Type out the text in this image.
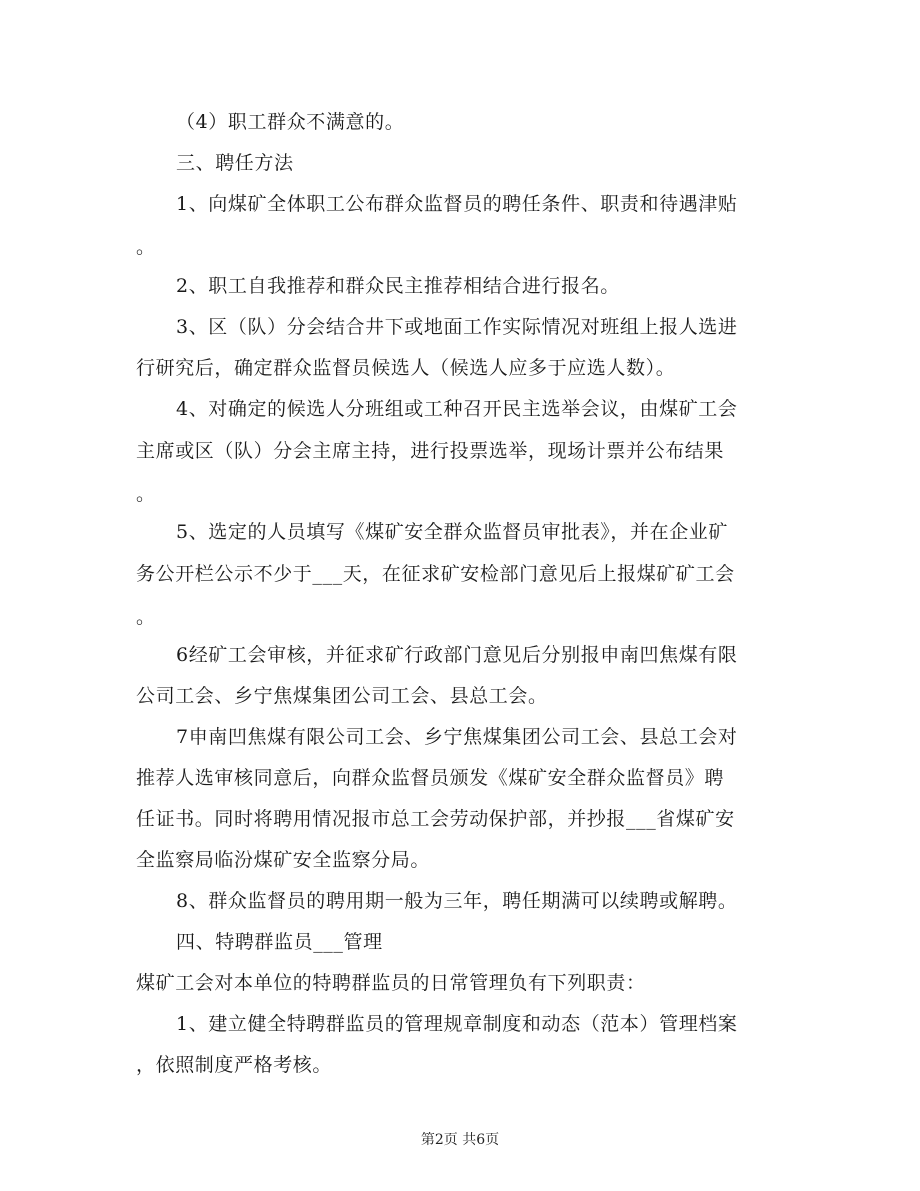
（4）职工群众不满意的。
三、聘任方法
1、向煤矿全体职工公布群众监督员的聘任条件、职责和待遇津贴
。
2、职工自我推荐和群众民主推荐相结合进行报名。
3、区（队）分会结合井下或地面工作实际情况对班组上报人选进
行研究后，确定群众监督员候选人（候选人应多于应选人数）。
4、对确定的候选人分班组或工种召开民主选举会议，由煤矿工会
主席或区（队）分会主席主持，进行投票选举，现场计票并公布结果
。
5、选定的人员填写《煤矿安全群众监督员审批表》，并在企业矿
务公开栏公示不少于___天，在征求矿安检部门意见后上报煤矿矿工会
。
6经矿工会审核，并征求矿行政部门意见后分别报申南凹焦煤有限
公司工会、乡宁焦煤集团公司工会、县总工会。
7申南凹焦煤有限公司工会、乡宁焦煤集团公司工会、县总工会对
推荐人选审核同意后，向群众监督员颁发《煤矿安全群众监督员》聘
任证书。同时将聘用情况报市总工会劳动保护部，并抄报___省煤矿安
全监察局临汾煤矿安全监察分局。
8、群众监督员的聘用期一般为三年，聘任期满可以续聘或解聘。
四、特聘群监员___管理
煤矿工会对本单位的特聘群监员的日常管理负有下列职责：
1、建立健全特聘群监员的管理规章制度和动态（范本）管理档案
，依照制度严格考核。
第2页 共6页
